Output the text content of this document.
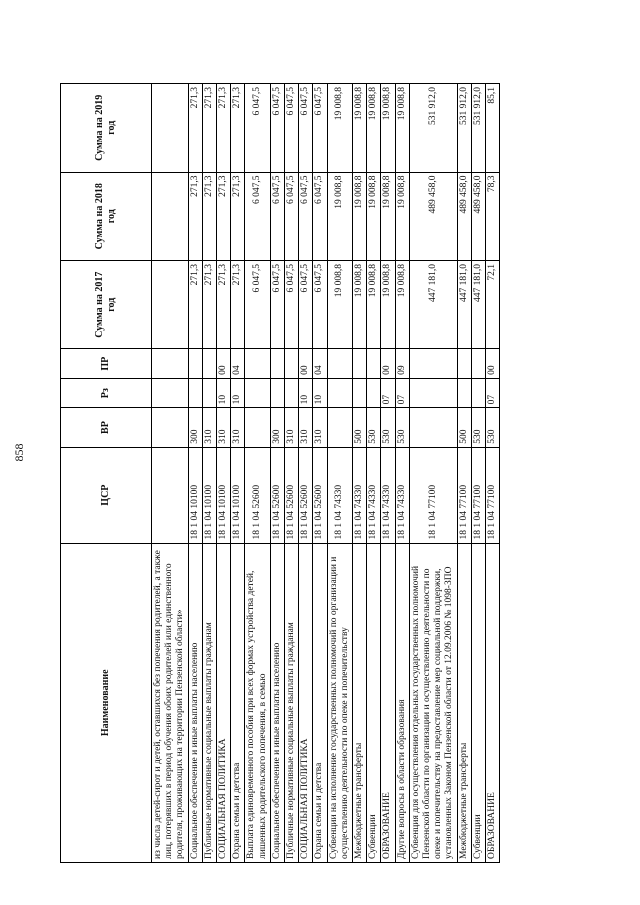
858
Наименование	ЦСР	ВР	Рз	ПР	Сумма на 2017 год	Сумма на 2018 год	Сумма на 2019 год
из числа детей-сирот и детей, оставшихся без попечения родителей, а также лиц, потерявших в период обучения обоих родителей или единственного родителя, проживающих на территории Пензенской области»							
Социальное обеспечение и иные выплаты населению	18 1 04 10100	300			271,3	271,3	271,3
Публичные нормативные социальные выплаты гражданам	18 1 04 10100	310			271,3	271,3	271,3
СОЦИАЛЬНАЯ ПОЛИТИКА	18 1 04 10100	310	10	00	271,3	271,3	271,3
Охрана семьи и детства	18 1 04 10100	310	10	04	271,3	271,3	271,3
Выплата единовременного пособия при всех формах устройства детей, лишенных родительского попечения, в семью	18 1 04 52600				6 047,5	6 047,5	6 047,5
Социальное обеспечение и иные выплаты населению	18 1 04 52600	300			6 047,5	6 047,5	6 047,5
Публичные нормативные социальные выплаты гражданам	18 1 04 52600	310			6 047,5	6 047,5	6 047,5
СОЦИАЛЬНАЯ ПОЛИТИКА	18 1 04 52600	310	10	00	6 047,5	6 047,5	6 047,5
Охрана семьи и детства	18 1 04 52600	310	10	04	6 047,5	6 047,5	6 047,5
Субвенции на исполнение государственных полномочий по организации и осуществлению деятельности по опеке и попечительству	18 1 04 74330				19 008,8	19 008,8	19 008,8
Межбюджетные трансферты	18 1 04 74330	500			19 008,8	19 008,8	19 008,8
Субвенции	18 1 04 74330	530			19 008,8	19 008,8	19 008,8
ОБРАЗОВАНИЕ	18 1 04 74330	530	07	00	19 008,8	19 008,8	19 008,8
Другие вопросы в области образования	18 1 04 74330	530	07	09	19 008,8	19 008,8	19 008,8
Субвенция для осуществления отдельных государственных полномочий Пензенской области по организации и осуществлению деятельности по опеке и попечительству на предоставление мер социальной поддержки, установленных Законом Пензенской области от 12.09.2006 № 1098-ЗПО	18 1 04 77100				447 181,0	489 458,0	531 912,0
Межбюджетные трансферты	18 1 04 77100	500			447 181,0	489 458,0	531 912,0
Субвенции	18 1 04 77100	530			447 181,0	489 458,0	531 912,0
ОБРАЗОВАНИЕ	18 1 04 77100	530	07	00	72,1	78,3	85,1
